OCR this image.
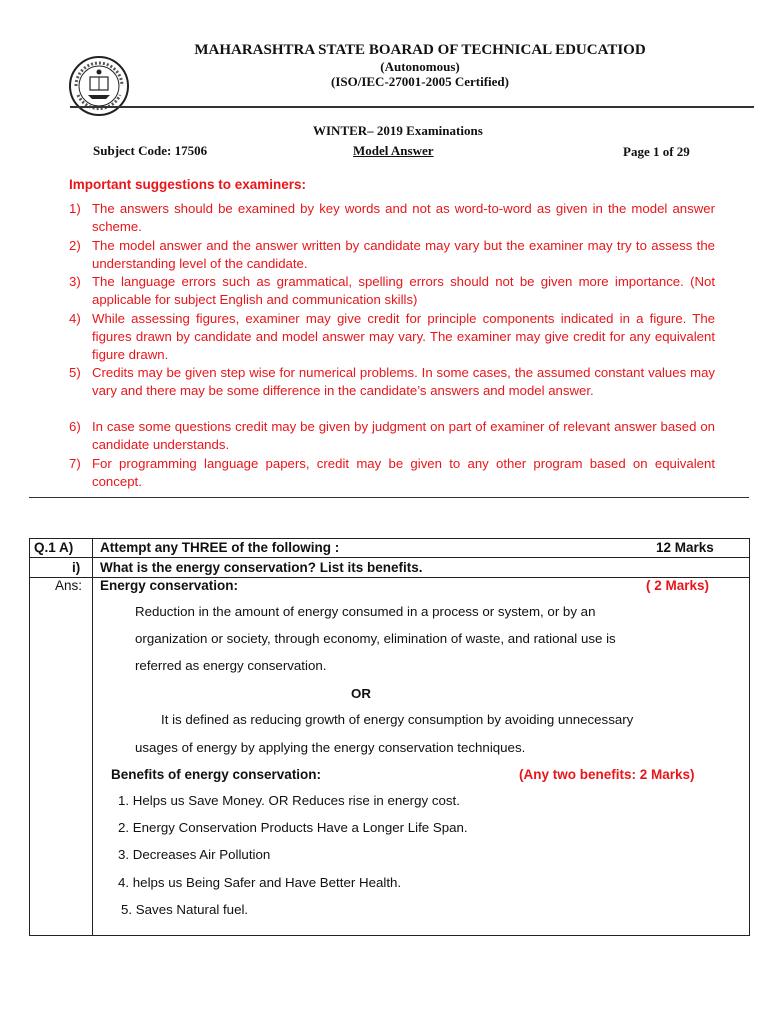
MAHARASHTRA STATE BOARAD OF TECHNICAL EDUCATIOD
(Autonomous)
(ISO/IEC-27001-2005 Certified)
WINTER– 2019 Examinations
Subject Code: 17506	Model Answer	Page 1 of 29
Important suggestions to examiners:
1) The answers should be examined by key words and not as word-to-word as given in the model answer scheme.
2) The model answer and the answer written by candidate may vary but the examiner may try to assess the understanding level of the candidate.
3) The language errors such as grammatical, spelling errors should not be given more importance. (Not applicable for subject English and communication skills)
4) While assessing figures, examiner may give credit for principle components indicated in a figure. The figures drawn by candidate and model answer may vary. The examiner may give credit for any equivalent figure drawn.
5) Credits may be given step wise for numerical problems. In some cases, the assumed constant values may vary and there may be some difference in the candidate’s answers and model answer.
6) In case some questions credit may be given by judgment on part of examiner of relevant answer based on candidate understands.
7) For programming language papers, credit may be given to any other program based on equivalent concept.
Q.1 A) Attempt any THREE of the following :	12 Marks
i) What is the energy conservation? List its benefits.
Ans: Energy conservation:	( 2 Marks)
Reduction in the amount of energy consumed in a process or system, or by an
organization or society, through economy, elimination of waste, and rational use is
referred as energy conservation.
OR
It is defined as reducing growth of energy consumption by avoiding unnecessary
usages of energy by applying the energy conservation techniques.
Benefits of energy conservation:	(Any two benefits: 2 Marks)
1. Helps us Save Money. OR Reduces rise in energy cost.
2. Energy Conservation Products Have a Longer Life Span.
3. Decreases Air Pollution
4. helps us Being Safer and Have Better Health.
5. Saves Natural fuel.
